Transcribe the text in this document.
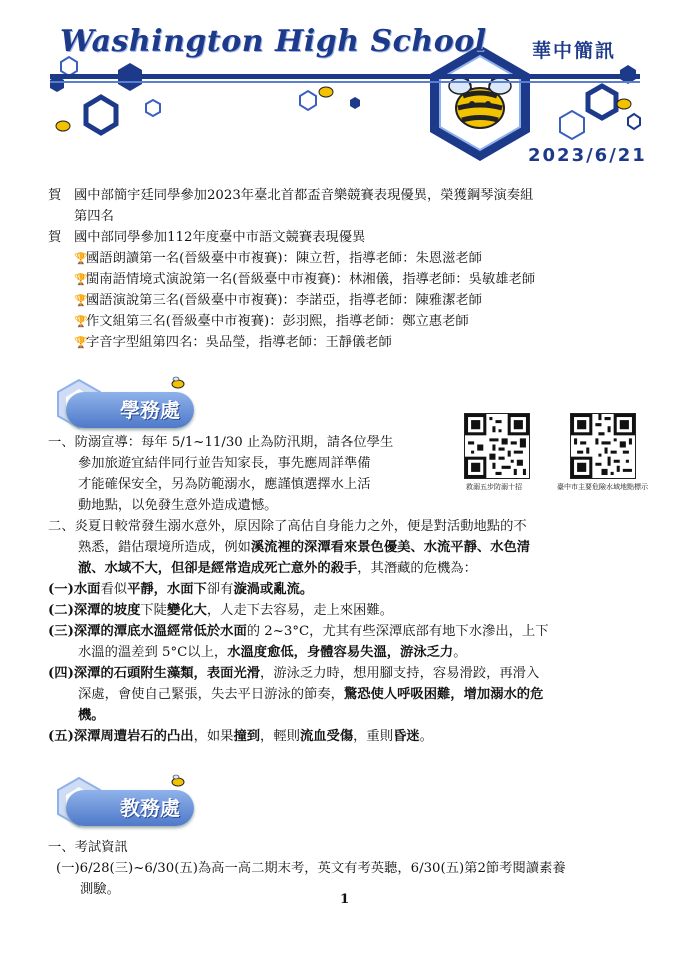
Washington High School 華中簡訊
2023/6/21
賀 國中部簡宇廷同學參加2023年臺北首都盃音樂競賽表現優異，榮獲鋼琴演奏組
第四名
賀 國中部同學參加112年度臺中市語文競賽表現優異
🏆國語朗讀第一名(晉級臺中市複賽)：陳立哲，指導老師：朱恩滋老師
🏆閩南語情境式演說第一名(晉級臺中市複賽)：林湘儀，指導老師：吳敏雄老師
🏆國語演說第三名(晉級臺中市複賽)：李諾亞，指導老師：陳雅潔老師
🏆作文組第三名(晉級臺中市複賽)：彭羽熙，指導老師：鄭立惠老師
🏆字音字型組第四名：吳品瑩，指導老師：王靜儀老師
學務處
救溺五步防溺十招	臺中市主要危險水域地點標示
一、防溺宣導：每年 5/1~11/30 止為防汛期，請各位學生
參加旅遊宜結伴同行並告知家長，事先應周詳準備
才能確保安全，另為防範溺水，應謹慎選擇水上活
動地點，以免發生意外造成遺憾。
二、炎夏日較常發生溺水意外，原因除了高估自身能力之外，便是對活動地點的不
熟悉，錯估環境所造成，例如溪流裡的深潭看來景色優美、水流平靜、水色清
澈、水域不大，但卻是經常造成死亡意外的殺手，其潛藏的危機為：
(一)水面看似平靜，水面下卻有漩渦或亂流。
(二)深潭的坡度下陡變化大，人走下去容易，走上來困難。
(三)深潭的潭底水溫經常低於水面的 2~3°C，尤其有些深潭底部有地下水滲出，上下
水溫的溫差到 5°C以上，水溫度愈低，身體容易失溫，游泳乏力。
(四)深潭的石頭附生藻類，表面光滑，游泳乏力時，想用腳支持，容易滑跤，再滑入
深處，會使自己緊張，失去平日游泳的節奏，驚恐使人呼吸困難，增加溺水的危
機。
(五)深潭周遭岩石的凸出，如果撞到，輕則流血受傷，重則昏迷。
教務處
一、考試資訊
(一)6/28(三)~6/30(五)為高一高二期末考，英文有考英聽，6/30(五)第2節考閱讀素養
測驗。
1
